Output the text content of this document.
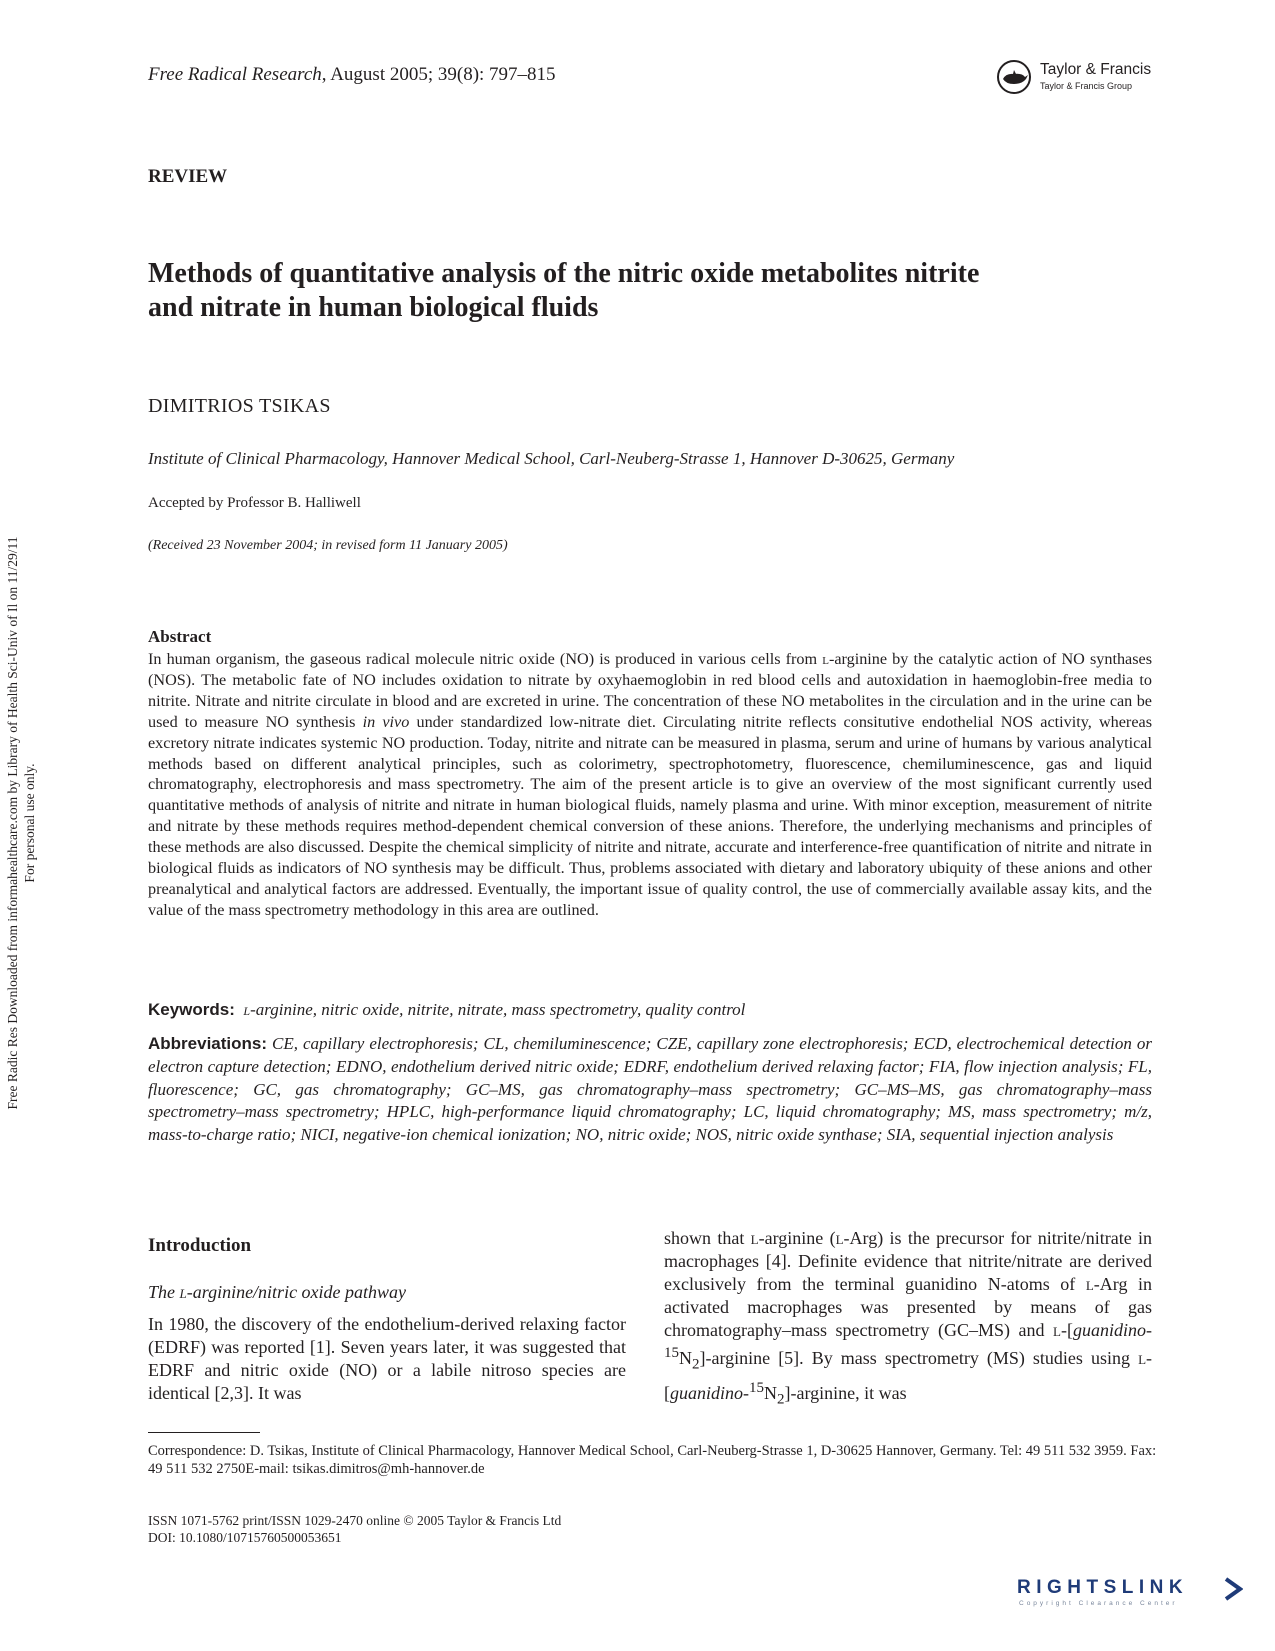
Free Radic Res Downloaded from informahealthcare.com by Library of Health Sci-Univ of Il on 11/29/11 For personal use only.
Free Radical Research, August 2005; 39(8): 797–815	Taylor & Francis
Taylor & Francis Group
REVIEW
Methods of quantitative analysis of the nitric oxide metabolites nitrite
and nitrate in human biological fluids
DIMITRIOS TSIKAS
Institute of Clinical Pharmacology, Hannover Medical School, Carl-Neuberg-Strasse 1, Hannover D-30625, Germany
Accepted by Professor B. Halliwell
(Received 23 November 2004; in revised form 11 January 2005)
Abstract
In human organism, the gaseous radical molecule nitric oxide (NO) is produced in various cells from l-arginine by the catalytic action of NO synthases (NOS). The metabolic fate of NO includes oxidation to nitrate by oxyhaemoglobin in red blood cells and autoxidation in haemoglobin-free media to nitrite. Nitrate and nitrite circulate in blood and are excreted in urine. The concentration of these NO metabolites in the circulation and in the urine can be used to measure NO synthesis in vivo under standardized low-nitrate diet. Circulating nitrite reflects consitutive endothelial NOS activity, whereas excretory nitrate indicates systemic NO production. Today, nitrite and nitrate can be measured in plasma, serum and urine of humans by various analytical methods based on different analytical principles, such as colorimetry, spectrophotometry, fluorescence, chemiluminescence, gas and liquid chromatography, electrophoresis and mass spectrometry. The aim of the present article is to give an overview of the most significant currently used quantitative methods of analysis of nitrite and nitrate in human biological fluids, namely plasma and urine. With minor exception, measurement of nitrite and nitrate by these methods requires method-dependent chemical conversion of these anions. Therefore, the underlying mechanisms and principles of these methods are also discussed. Despite the chemical simplicity of nitrite and nitrate, accurate and interference-free quantification of nitrite and nitrate in biological fluids as indicators of NO synthesis may be difficult. Thus, problems associated with dietary and laboratory ubiquity of these anions and other preanalytical and analytical factors are addressed. Eventually, the important issue of quality control, the use of commercially available assay kits, and the value of the mass spectrometry methodology in this area are outlined.
Keywords: l-arginine, nitric oxide, nitrite, nitrate, mass spectrometry, quality control
Abbreviations: CE, capillary electrophoresis; CL, chemiluminescence; CZE, capillary zone electrophoresis; ECD, electrochemical detection or electron capture detection; EDNO, endothelium derived nitric oxide; EDRF, endothelium derived relaxing factor; FIA, flow injection analysis; FL, fluorescence; GC, gas chromatography; GC–MS, gas chromatography–mass spectrometry; GC–MS–MS, gas chromatography–mass spectrometry–mass spectrometry; HPLC, high-performance liquid chromatography; LC, liquid chromatography; MS, mass spectrometry; m/z, mass-to-charge ratio; NICI, negative-ion chemical ionization; NO, nitric oxide; NOS, nitric oxide synthase; SIA, sequential injection analysis
Introduction
The l-arginine/nitric oxide pathway
In 1980, the discovery of the endothelium-derived relaxing factor (EDRF) was reported [1]. Seven years later, it was suggested that EDRF and nitric oxide (NO) or a labile nitroso species are identical [2,3]. It was
shown that l-arginine (l-Arg) is the precursor for nitrite/nitrate in macrophages [4]. Definite evidence that nitrite/nitrate are derived exclusively from the terminal guanidino N-atoms of l-Arg in activated macrophages was presented by means of gas chromatography–mass spectrometry (GC–MS) and $l-[guanidino-^{15}N_2]$-arginine [5]. By mass spectrometry (MS) studies using $l-[guanidino-^{15}N_2]$-arginine, it was
Correspondence: D. Tsikas, Institute of Clinical Pharmacology, Hannover Medical School, Carl-Neuberg-Strasse 1, D-30625 Hannover, Germany. Tel: 49 511 532 3959. Fax: 49 511 532 2750E-mail: tsikas.dimitros@mh-hannover.de
ISSN 1071-5762 print/ISSN 1029-2470 online © 2005 Taylor & Francis Ltd
DOI: 10.1080/10715760500053651
RIGHTSLINK
Copyright Clearance Center
